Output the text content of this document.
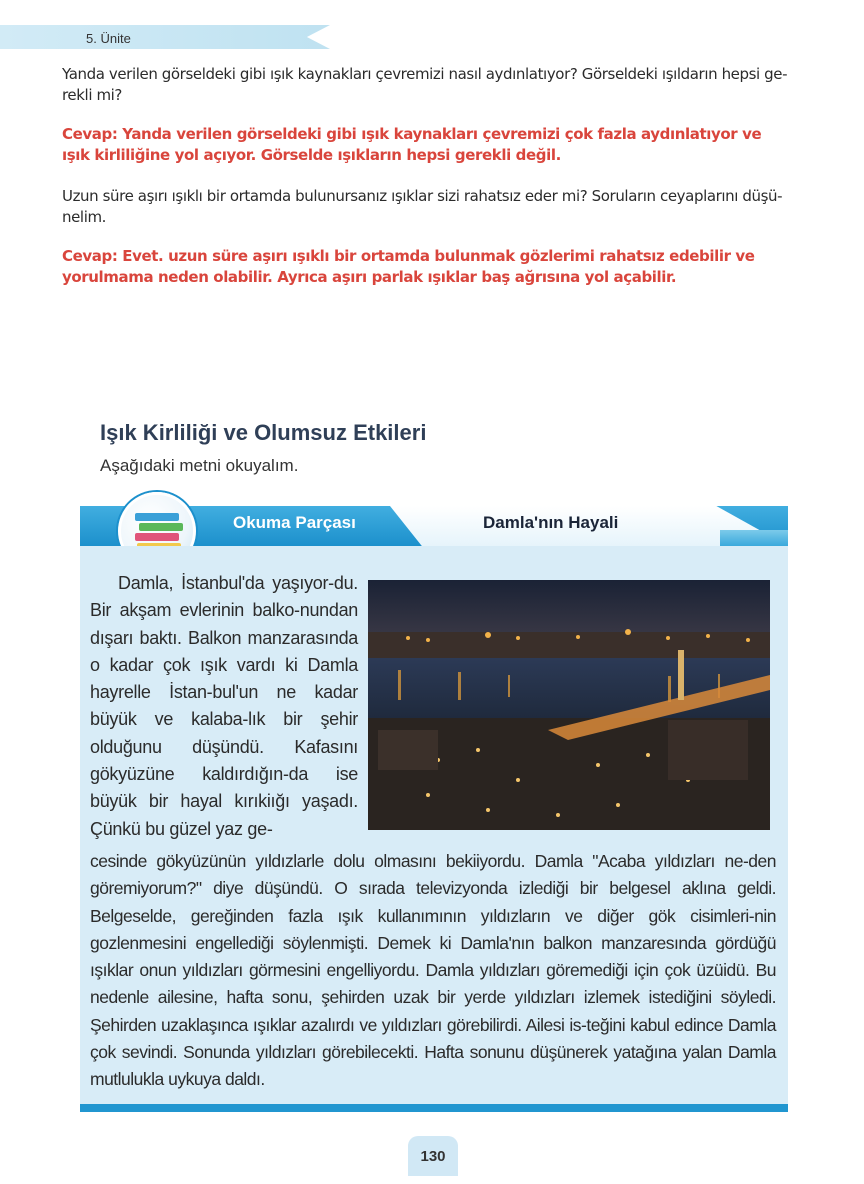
5. Ünite
Yanda verilen görseldeki gibi ışık kaynakları çevremizi nasıl aydınlatıyor? Görseldeki ışıldarın hepsi ge-rekli mi?
Cevap: Yanda verilen görseldeki gibi ışık kaynakları çevremizi çok fazla aydınlatıyor ve ışık kirliliğine yol açıyor. Görselde ışıkların hepsi gerekli değil.
Uzun süre aşırı ışıklı bir ortamda bulunursanız ışıklar sizi rahatsız eder mi? Soruların ceyaplarını düşü-nelim.
Cevap: Evet. uzun süre aşırı ışıklı bir ortamda bulunmak gözlerimi rahatsız edebilir ve yorulmama neden olabilir. Ayrıca aşırı parlak ışıklar baş ağrısına yol açabilir.
Işık Kirliliği ve Olumsuz Etkileri
Aşağıdaki metni okuyalım.
Okuma Parçası	Damla'nın Hayali

Damla, İstanbul'da yaşıyor-du. Bir akşam evlerinin balko-nundan dışarı baktı. Balkon manzarasında o kadar çok ışık vardı ki Damla hayrelle İstan-bul'un ne kadar büyük ve kalaba-lık bir şehir olduğunu düşündü. Kafasını gökyüzüne kaldırdığın-da ise büyük bir hayal kırıkiığı yaşadı. Çünkü bu güzel yaz ge-

cesinde gökyüzünün yıldızlarle dolu olmasını bekiiyordu. Damla "Acaba yıldızları ne-den göremiyorum?" diye düşündü. O sırada televizyonda izlediği bir belgesel aklına geldi. Belgeselde, gereğinden fazla ışık kullanımının yıldızların ve diğer gök cisimleri-nin gozlenmesini engellediği söylenmişti. Demek ki Damla'nın balkon manzaresında gördüğü ışıklar onun yıldızları görmesini engelliyordu. Damla yıldızları göremediği için çok üzüidü. Bu nedenle ailesine, hafta sonu, şehirden uzak bir yerde yıldızları izlemek istediğini söyledi. Şehirden uzaklaşınca ışıklar azalırdı ve yıldızları görebilirdi. Ailesi is-teğini kabul edince Damla çok sevindi. Sonunda yıldızları görebilecekti. Hafta sonunu düşünerek yatağına yalan Damla mutlulukla uykuya daldı.

130
